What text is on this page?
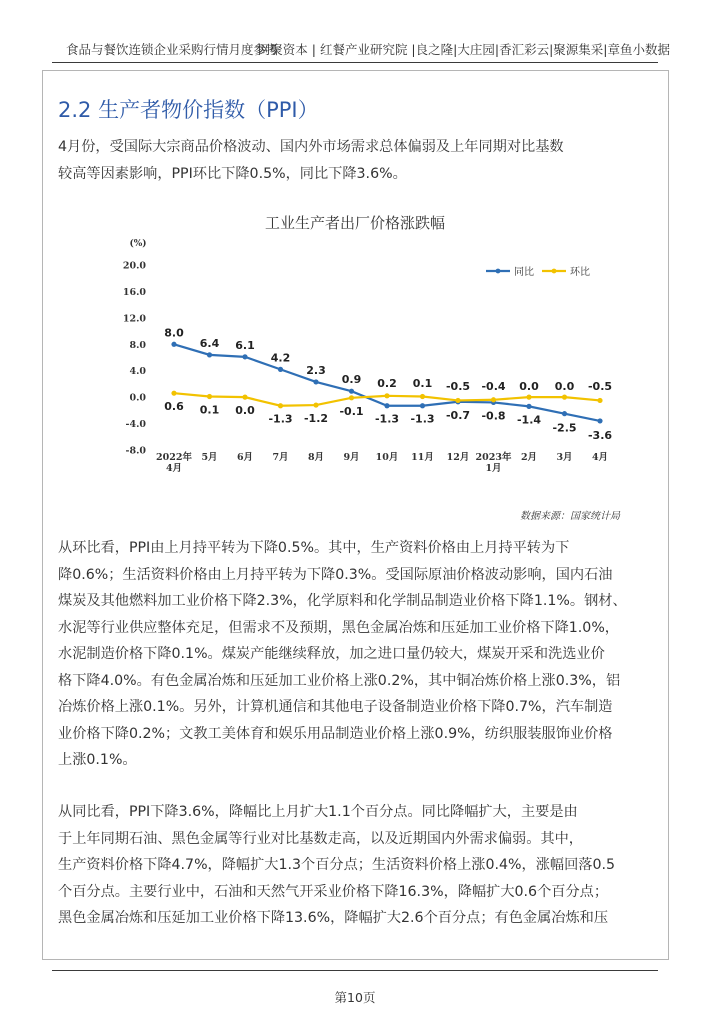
食品与餐饮连锁企业采购行情月度参考
网聚资本 | 红餐产业研究院 |良之隆|大庄园|香汇彩云|聚源集采|章鱼小数据
2.2 生产者物价指数（PPI）
4月份，受国际大宗商品价格波动、国内外市场需求总体偏弱及上年同期对比基数
较高等因素影响，PPI环比下降0.5%，同比下降3.6%。
工业生产者出厂价格涨跌幅
(%)
20.0
16.0
12.0
8.0
4.0
0.0
-4.0
-8.0
2022年
4月
5月 6月 7月 8月 9月 10月 11月 12月 2023年
1月
2月 3月 4月
8.0
6.4 6.1
4.2
2.3
0.9
-1.3 -1.3 -0.7 -0.8 -1.4
-2.5
-3.6
0.6 0.1 0.0
-1.3 -1.2
-0.1
0.2 0.1 -0.5 -0.4 0.0 0.0 -0.5
同比	环比
数据来源：国家统计局
从环比看，PPI由上月持平转为下降0.5%。其中，生产资料价格由上月持平转为下
降0.6%；生活资料价格由上月持平转为下降0.3%。受国际原油价格波动影响，国内石油
煤炭及其他燃料加工业价格下降2.3%，化学原料和化学制品制造业价格下降1.1%。钢材、
水泥等行业供应整体充足，但需求不及预期，黑色金属冶炼和压延加工业价格下降1.0%，
水泥制造价格下降0.1%。煤炭产能继续释放，加之进口量仍较大，煤炭开采和洗选业价
格下降4.0%。有色金属冶炼和压延加工业价格上涨0.2%，其中铜冶炼价格上涨0.3%，铝
冶炼价格上涨0.1%。另外，计算机通信和其他电子设备制造业价格下降0.7%，汽车制造
业价格下降0.2%；文教工美体育和娱乐用品制造业价格上涨0.9%，纺织服装服饰业价格
上涨0.1%。
从同比看，PPI下降3.6%，降幅比上月扩大1.1个百分点。同比降幅扩大，主要是由
于上年同期石油、黑色金属等行业对比基数走高，以及近期国内外需求偏弱。其中，
生产资料价格下降4.7%，降幅扩大1.3个百分点；生活资料价格上涨0.4%，涨幅回落0.5
个百分点。主要行业中，石油和天然气开采业价格下降16.3%，降幅扩大0.6个百分点；
黑色金属冶炼和压延加工业价格下降13.6%，降幅扩大2.6个百分点；有色金属冶炼和压
第10页
